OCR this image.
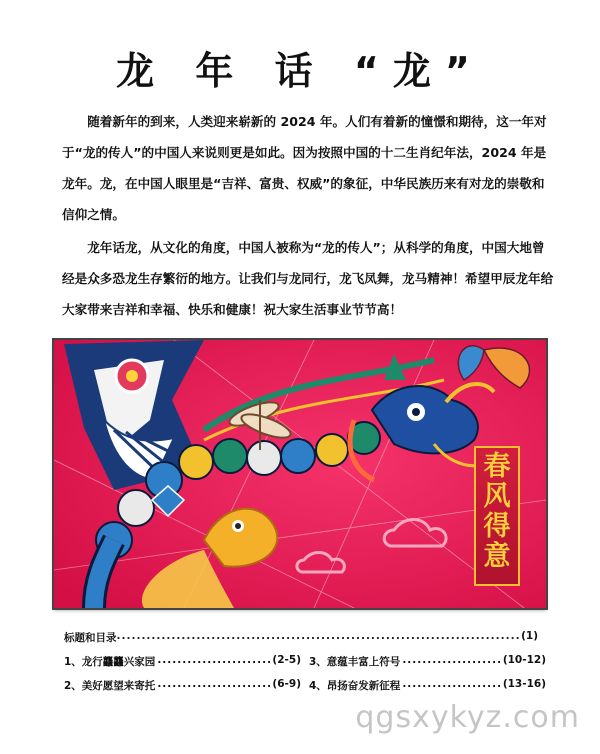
龙 年 话 “龙”

随着新年的到来，人类迎来崭新的 2024 年。人们有着新的憧憬和期待，这一年对于“龙的传人”的中国人来说则更是如此。因为按照中国的十二生肖纪年法，2024 年是龙年。龙，在中国人眼里是“吉祥、富贵、权威”的象征，中华民族历来有对龙的崇敬和信仰之情。

龙年话龙，从文化的角度，中国人被称为“龙的传人”；从科学的角度，中国大地曾经是众多恐龙生存繁衍的地方。让我们与龙同行，龙飞凤舞，龙马精神！希望甲辰龙年给大家带来吉祥和幸福、快乐和健康！祝大家生活事业节节高！

春
风
得
意
标题和目录 .....	(1)
1、龙行龘龘兴家园 .....	(2-5) 3、意蕴丰富上符号 .....	(10-12)
2、美好愿望来寄托 .....	(6-9) 4、昂扬奋发新征程 .....	(13-16)
qgsxykyz.com
